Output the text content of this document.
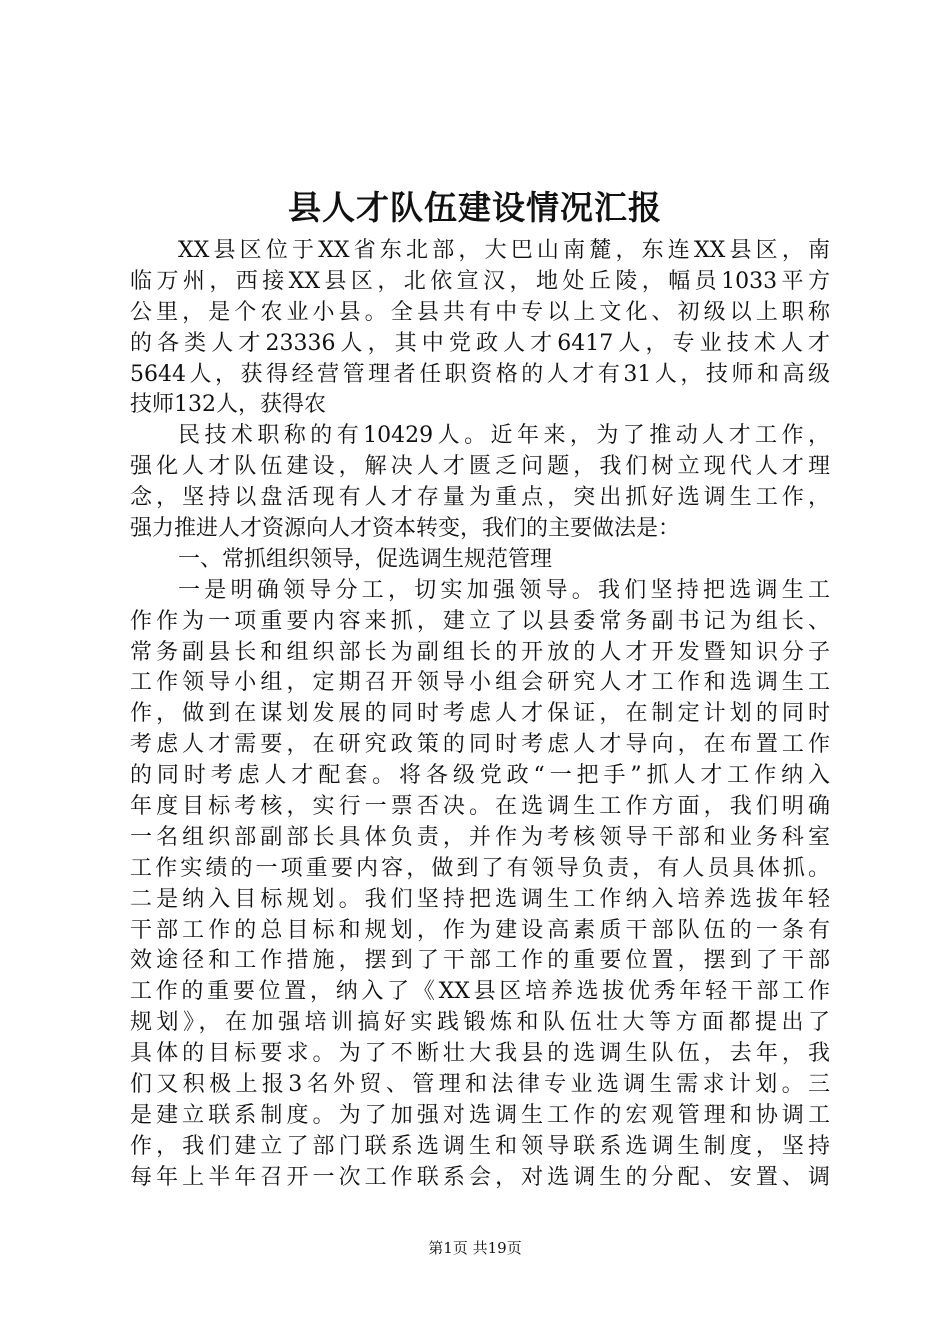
县人才队伍建设情况汇报
XX县区位于XX省东北部，大巴山南麓，东连XX县区，南
临万州，西接XX县区，北依宣汉，地处丘陵，幅员1033平方
公里，是个农业小县。全县共有中专以上文化、初级以上职称
的各类人才23336人，其中党政人才6417人，专业技术人才
5644人，获得经营管理者任职资格的人才有31人，技师和高级
技师132人，获得农
民技术职称的有10429人。近年来，为了推动人才工作，
强化人才队伍建设，解决人才匮乏问题，我们树立现代人才理
念，坚持以盘活现有人才存量为重点，突出抓好选调生工作，
强力推进人才资源向人才资本转变，我们的主要做法是：
一、常抓组织领导，促选调生规范管理
一是明确领导分工，切实加强领导。我们坚持把选调生工
作作为一项重要内容来抓，建立了以县委常务副书记为组长、
常务副县长和组织部长为副组长的开放的人才开发暨知识分子
工作领导小组，定期召开领导小组会研究人才工作和选调生工
作，做到在谋划发展的同时考虑人才保证，在制定计划的同时
考虑人才需要，在研究政策的同时考虑人才导向，在布置工作
的同时考虑人才配套。将各级党政“一把手”抓人才工作纳入
年度目标考核，实行一票否决。在选调生工作方面，我们明确
一名组织部副部长具体负责，并作为考核领导干部和业务科室
工作实绩的一项重要内容，做到了有领导负责，有人员具体抓。
二是纳入目标规划。我们坚持把选调生工作纳入培养选拔年轻
干部工作的总目标和规划，作为建设高素质干部队伍的一条有
效途径和工作措施，摆到了干部工作的重要位置，摆到了干部
工作的重要位置，纳入了《XX县区培养选拔优秀年轻干部工作
规划》，在加强培训搞好实践锻炼和队伍壮大等方面都提出了
具体的目标要求。为了不断壮大我县的选调生队伍，去年，我
们又积极上报3名外贸、管理和法律专业选调生需求计划。三
是建立联系制度。为了加强对选调生工作的宏观管理和协调工
作，我们建立了部门联系选调生和领导联系选调生制度，坚持
每年上半年召开一次工作联系会，对选调生的分配、安置、调
第1页 共19页
